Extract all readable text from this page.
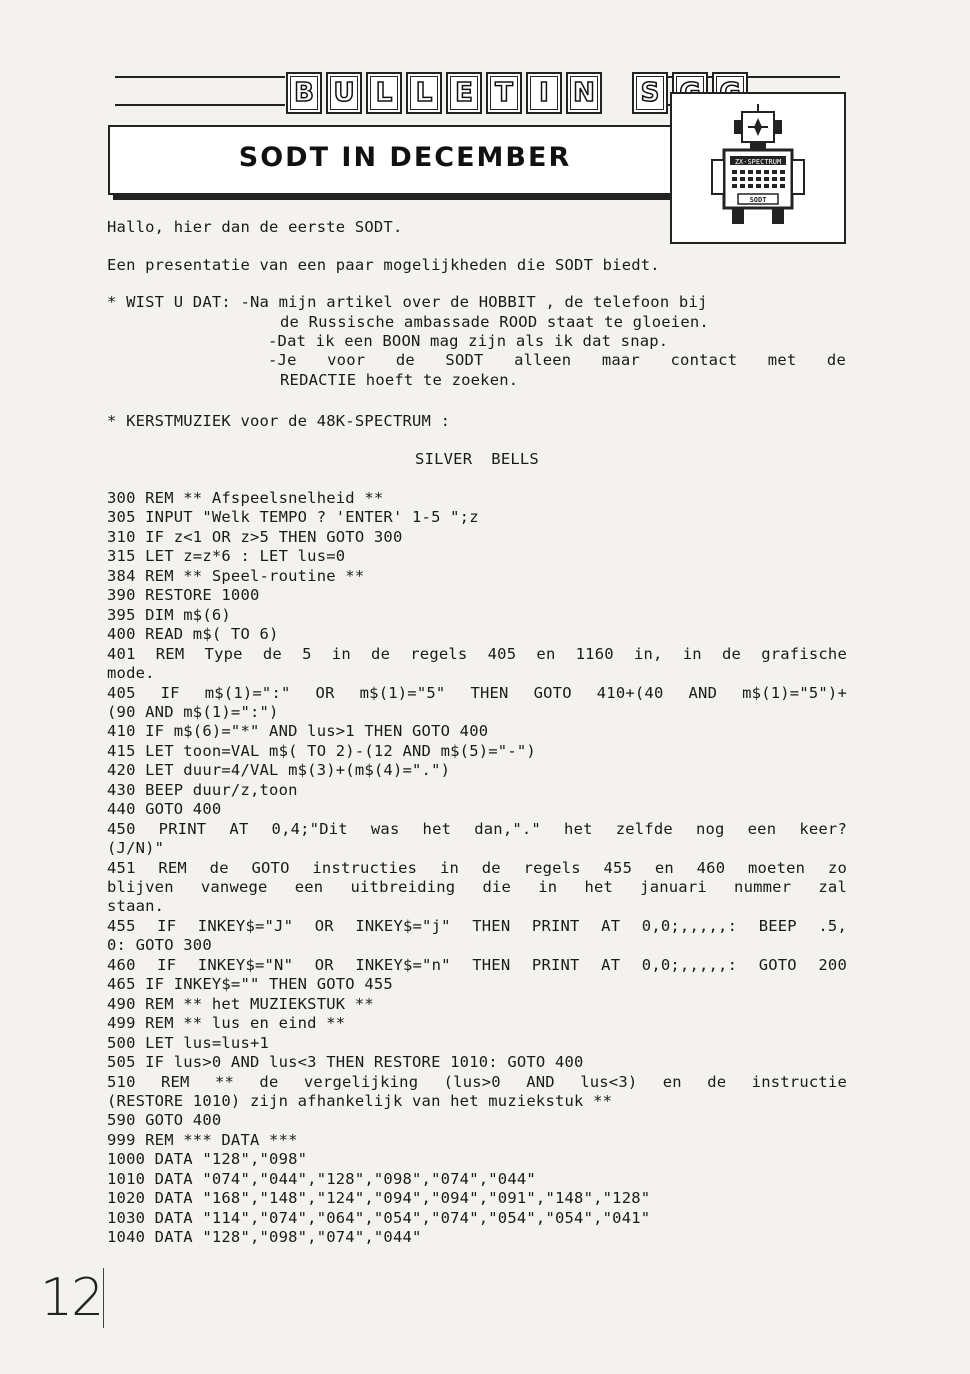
B U L L E T	I N	S
SODT IN DECEMBER	ZX-SPECTRUM
SODT
Hallo, hier dan de eerste SODT.
Een presentatie van een paar mogelijkheden die SODT biedt.
* WIST U DAT: -Na mijn artikel over de HOBBIT , de telefoon bij
de Russische ambassade ROOD staat te gloeien.
-Dat ik een BOON mag zijn als ik dat snap.
-Je voor de SODT alleen maar contact met de
REDACTIE hoeft te zoeken.
* KERSTMUZIEK voor de 48K-SPECTRUM :
SILVER  BELLS
300 REM ** Afspeelsnelheid **
305 INPUT "Welk TEMPO ? 'ENTER' 1-5 ";z
310 IF z<1 OR z>5 THEN GOTO 300
315 LET z=z*6 : LET lus=0
384 REM ** Speel-routine **
390 RESTORE 1000
395 DIM m$(6)
400 READ m$( TO 6)
401 REM Type de 5 in de regels 405 en 1160 in, in de grafische
mode.
405 IF m$(1)=":" OR m$(1)="5" THEN GOTO 410+(40 AND m$(1)="5")+
(90 AND m$(1)=":")
410 IF m$(6)="*" AND lus>1 THEN GOTO 400
415 LET toon=VAL m$( TO 2)-(12 AND m$(5)="-")
420 LET duur=4/VAL m$(3)+(m$(4)=".")
430 BEEP duur/z,toon
440 GOTO 400
450 PRINT AT 0,4;"Dit was het dan,"." het zelfde nog een keer?
(J/N)"
451 REM de GOTO instructies in de regels 455 en 460 moeten zo
blijven vanwege een uitbreiding die in het januari nummer zal
staan.
455 IF INKEY$="J" OR INKEY$="j" THEN PRINT AT 0,0;,,,,,: BEEP .5,
0: GOTO 300
460 IF INKEY$="N" OR INKEY$="n" THEN PRINT AT 0,0;,,,,,: GOTO 200
465 IF INKEY$="" THEN GOTO 455
490 REM ** het MUZIEKSTUK **
499 REM ** lus en eind **
500 LET lus=lus+1
505 IF lus>0 AND lus<3 THEN RESTORE 1010: GOTO 400
510 REM ** de vergelijking (lus>0 AND lus<3) en de instructie
(RESTORE 1010) zijn afhankelijk van het muziekstuk **
590 GOTO 400
999 REM *** DATA ***
1000 DATA "128","098"
1010 DATA "074","044","128","098","074","044"
1020 DATA "168","148","124","094","094","091","148","128"
1030 DATA "114","074","064","054","074","054","054","041"
1040 DATA "128","098","074","044"
12
